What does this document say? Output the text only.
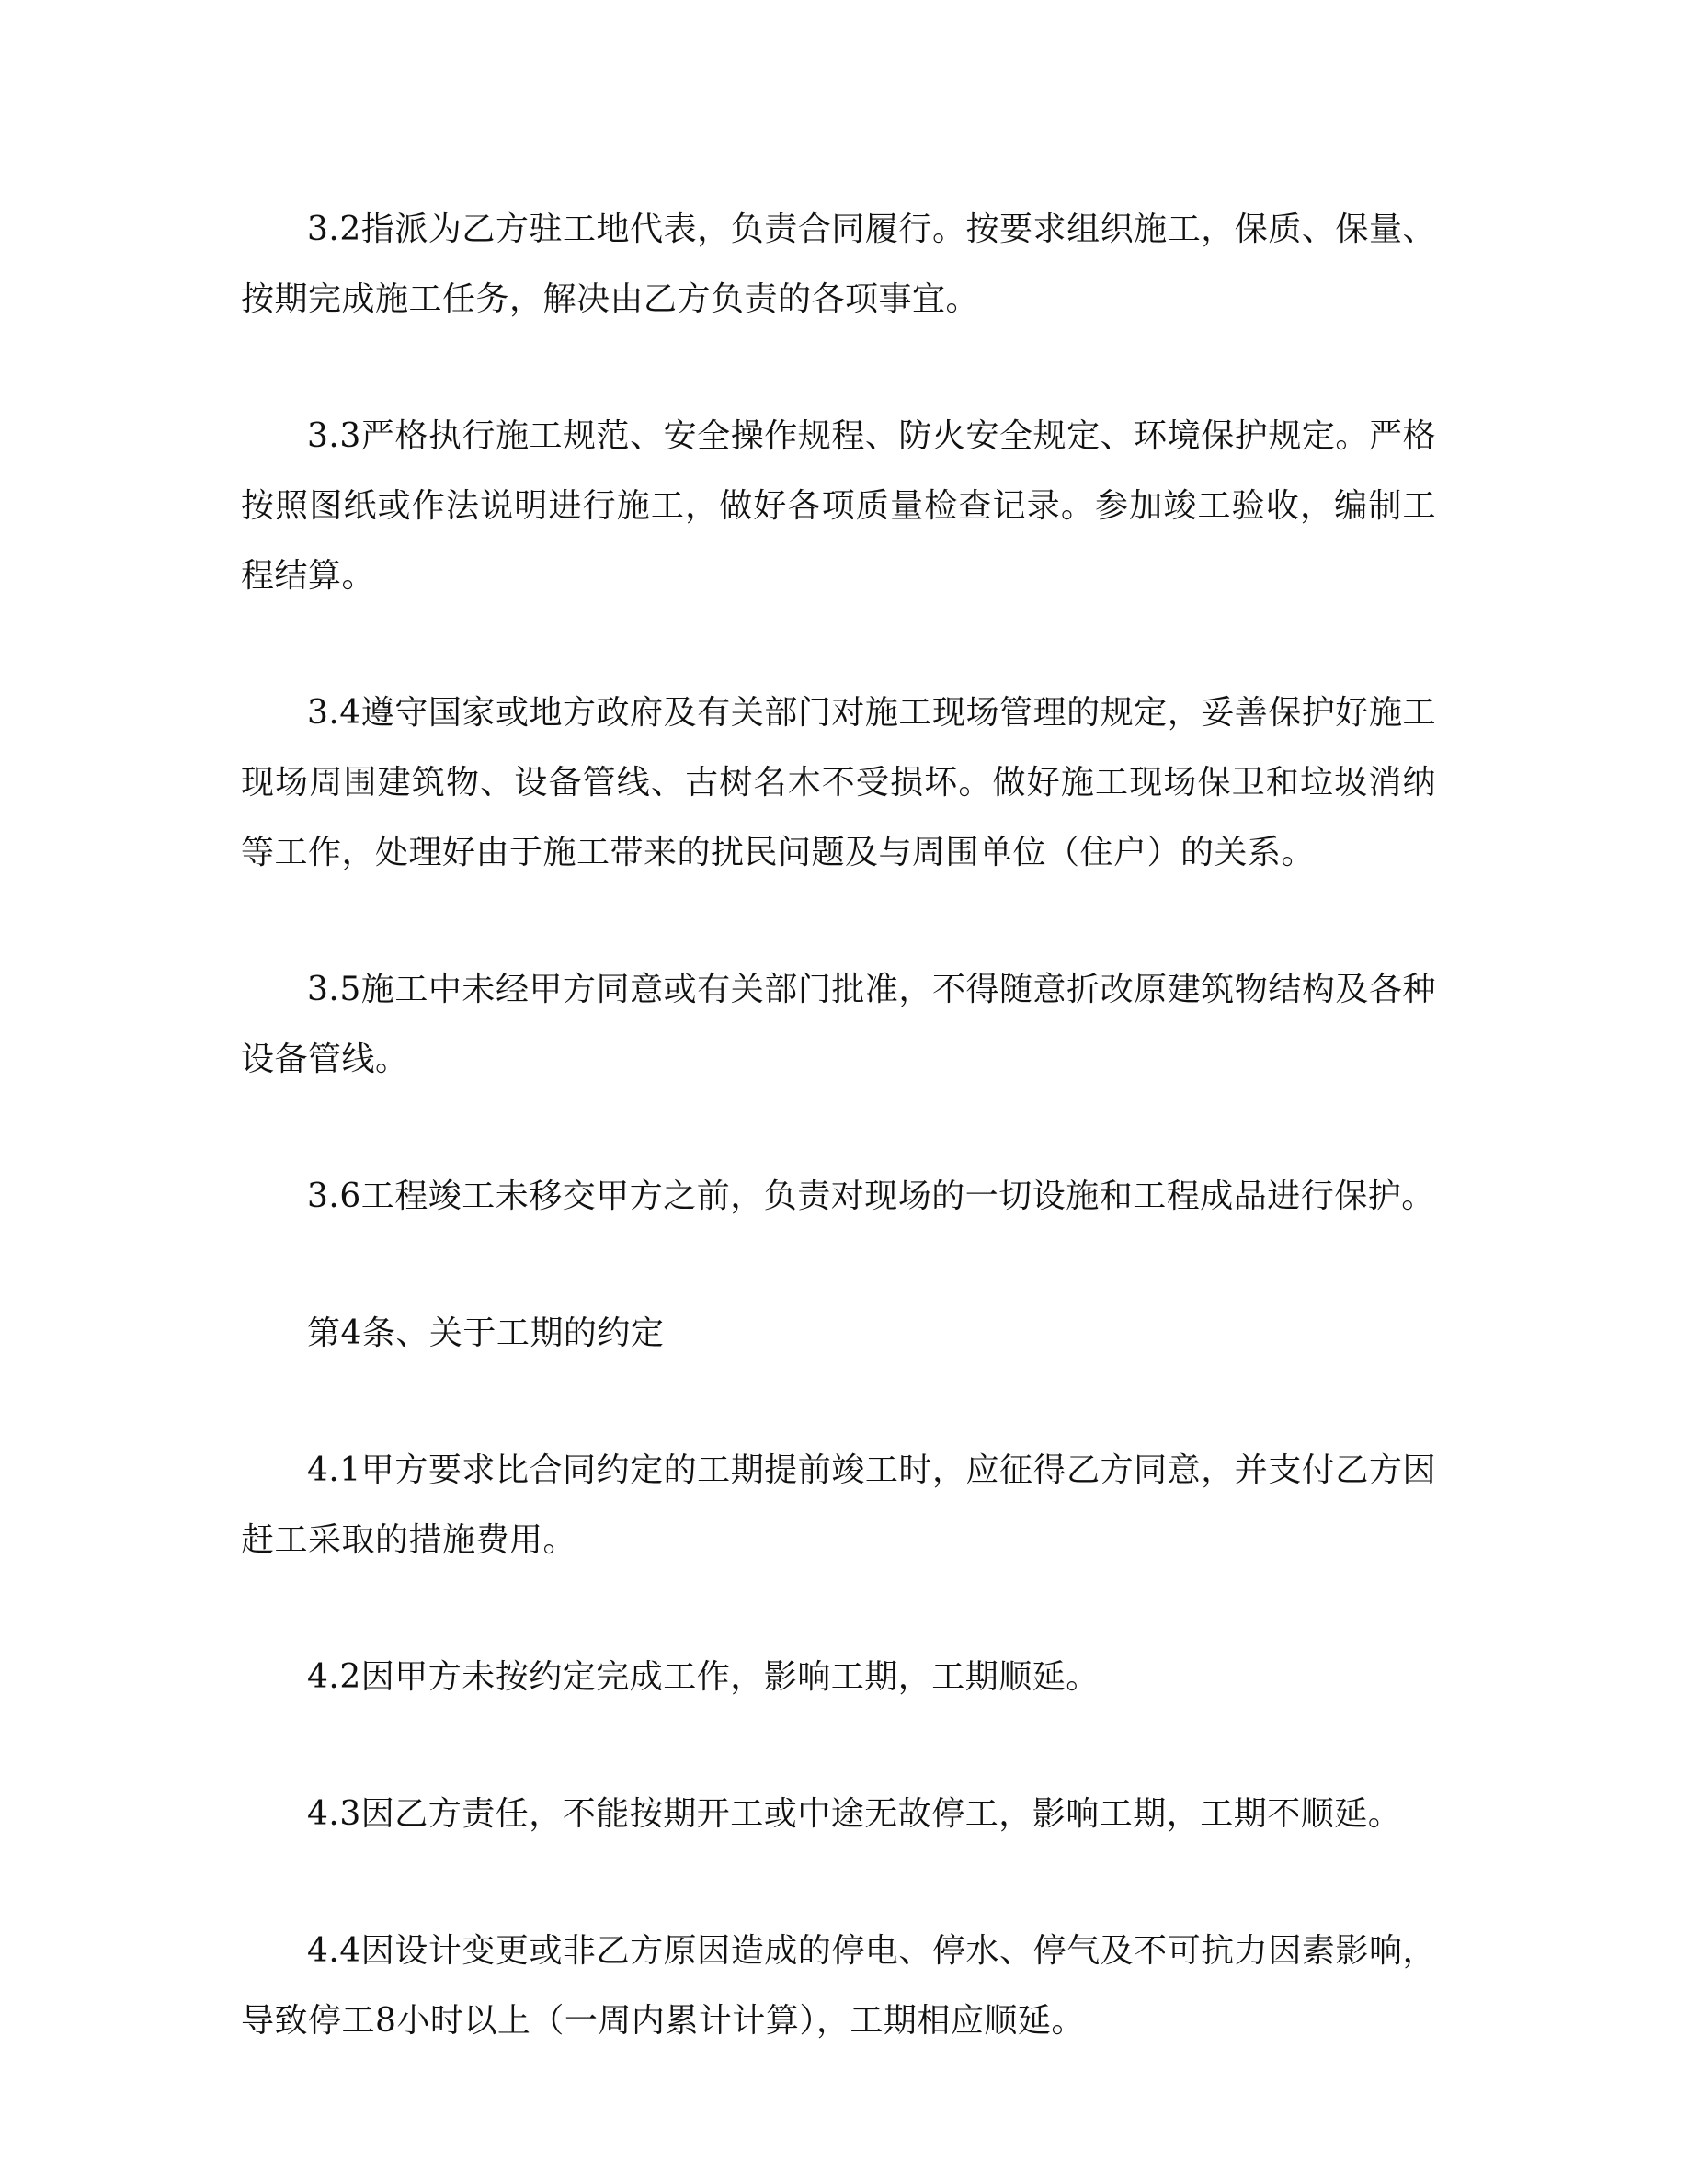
3.2指派为乙方驻工地代表，负责合同履行。按要求组织施工，保质、保量、按期完成施工任务，解决由乙方负责的各项事宜。

3.3严格执行施工规范、安全操作规程、防火安全规定、环境保护规定。严格按照图纸或作法说明进行施工，做好各项质量检查记录。参加竣工验收，编制工程结算。

3.4遵守国家或地方政府及有关部门对施工现场管理的规定，妥善保护好施工现场周围建筑物、设备管线、古树名木不受损坏。做好施工现场保卫和垃圾消纳等工作，处理好由于施工带来的扰民问题及与周围单位（住户）的关系。

3.5施工中未经甲方同意或有关部门批准，不得随意折改原建筑物结构及各种设备管线。

3.6工程竣工未移交甲方之前，负责对现场的一切设施和工程成品进行保护。

第4条、关于工期的约定

4.1甲方要求比合同约定的工期提前竣工时，应征得乙方同意，并支付乙方因赶工采取的措施费用。

4.2因甲方未按约定完成工作，影响工期，工期顺延。

4.3因乙方责任，不能按期开工或中途无故停工，影响工期，工期不顺延。

4.4因设计变更或非乙方原因造成的停电、停水、停气及不可抗力因素影响，导致停工8小时以上（一周内累计计算），工期相应顺延。
